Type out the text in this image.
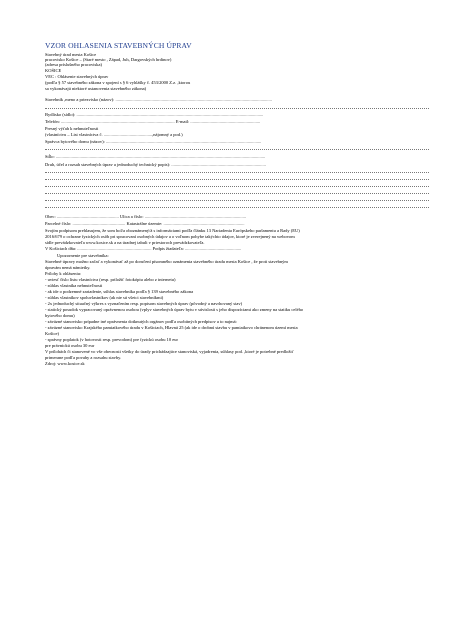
VZOR OHLASENIA STAVEBNÝCH ÚPRAV
Stavebný úrad mesta Košice
pracovisko Košice – (Staré mesto , Západ, Juh, Dargovských hrdinov)
(adresa príslušného pracoviska)
KOŠICE
VEC : Ohlásenie stavebných úprav
(podľa § 57 stavebného zákona v spojení s § 6 vyhlášky č. 453/2000 Z.z. ,ktorou
sa vykonávajú niektoré ustanovenia stavebného zákona)
Stavebník ,meno a priezvisko (názov): ...........................................................................................................................................
Bydlisko (sídlo): ......................................................................................................................................................................
Telefón: ..................................................................................................... E-mail: ..............................................................
Presný výťah k nehnuteľnosti
(vlastníctvu – List vlastníctva č. ...........................................,nájomný a pod.)
Správca bytového domu (názov): ..........................................................................................................................................
Stĺlo: ..........................................................................................................................................................................................
Druh, účel a rozsah stavebných úprav a jednoduchý technický popis): ....................................................................................
Obec: ....................................................... Ulica a číslo: ..........................................................................................
Parcelné číslo: ............................................... Katastrálne územie: ........................................................................
Svojím podpisom prehlasujem, že som bol/a oboznámený/á s informáciami podľa článku 13 Nariadenia Európskeho parlamentu a Rady (EU)
2016/679 o ochrane fyzických osôb pri spracovaní osobných údajov a o voľnom pohybe takýchto údajov, ktoré je zverejnený na webovom
sídle prevádzkovateľa www.kosice.sk a na úradnej tabuli v priestoroch prevádzkovateľa.
V Košiciach dňa: .................................................................. Podpis žiadateľa: ..................................................
Upozornenie pre stavebníka:
Stavebné úpravy možno začať a vykonávať až po doručení písomného oznámenia stavebného úradu mesta Košice , že proti stavebným
úpravám nemá námietky.
Prílohy k ohláseniu:
- uviesť číslo listu vlastníctva (resp. priložiť fotokópiu alebo z internetu)
- súhlas vlastníka nehnuteľnosti
- ak ide o podzemné zariadenie, súhlas stavebníka podľa § 139 stavebného zákona
- súhlas vlastníkov spoluvlastníkov (ak nie sú všetci stavebníkmi)
- 2x jednoduchý situačný výkres s vyznačením resp. popisom stavebných úprav (pôvodný a navrhovaný stav)
- statický posudok vypracovaný oprávnenou osobou (vplyv stavebných úprav bytu v súvislosti s jeho dispozíciami ako zmeny na statiku celého
bytového domu)
- záväzné stanovisko prípadne iné oprávnenia dotknutých orgánov podľa osobitných predpisov a to najmä:
- záväzné stanovisko Krajského pamiatkového úradu v Košiciach, Hlavná 25 (ak ide o drobnú stavbu v pamiatkovo chránenom území mesta
Košice)
- správny poplatok (v hotovosti resp. prevodom) pre fyzickú osobu 10 eur
pre právnickú osobu 30 eur
V prílohách či stanovené vo vše obecnosti všetky do úrady prichádzajúce stanoviská, vyjadrenia, súhlasy pod. ,ktoré je potrebné predložiť
primerane podľa povahy a rozsahu stavby.
Zdroj: www.kosice.sk
